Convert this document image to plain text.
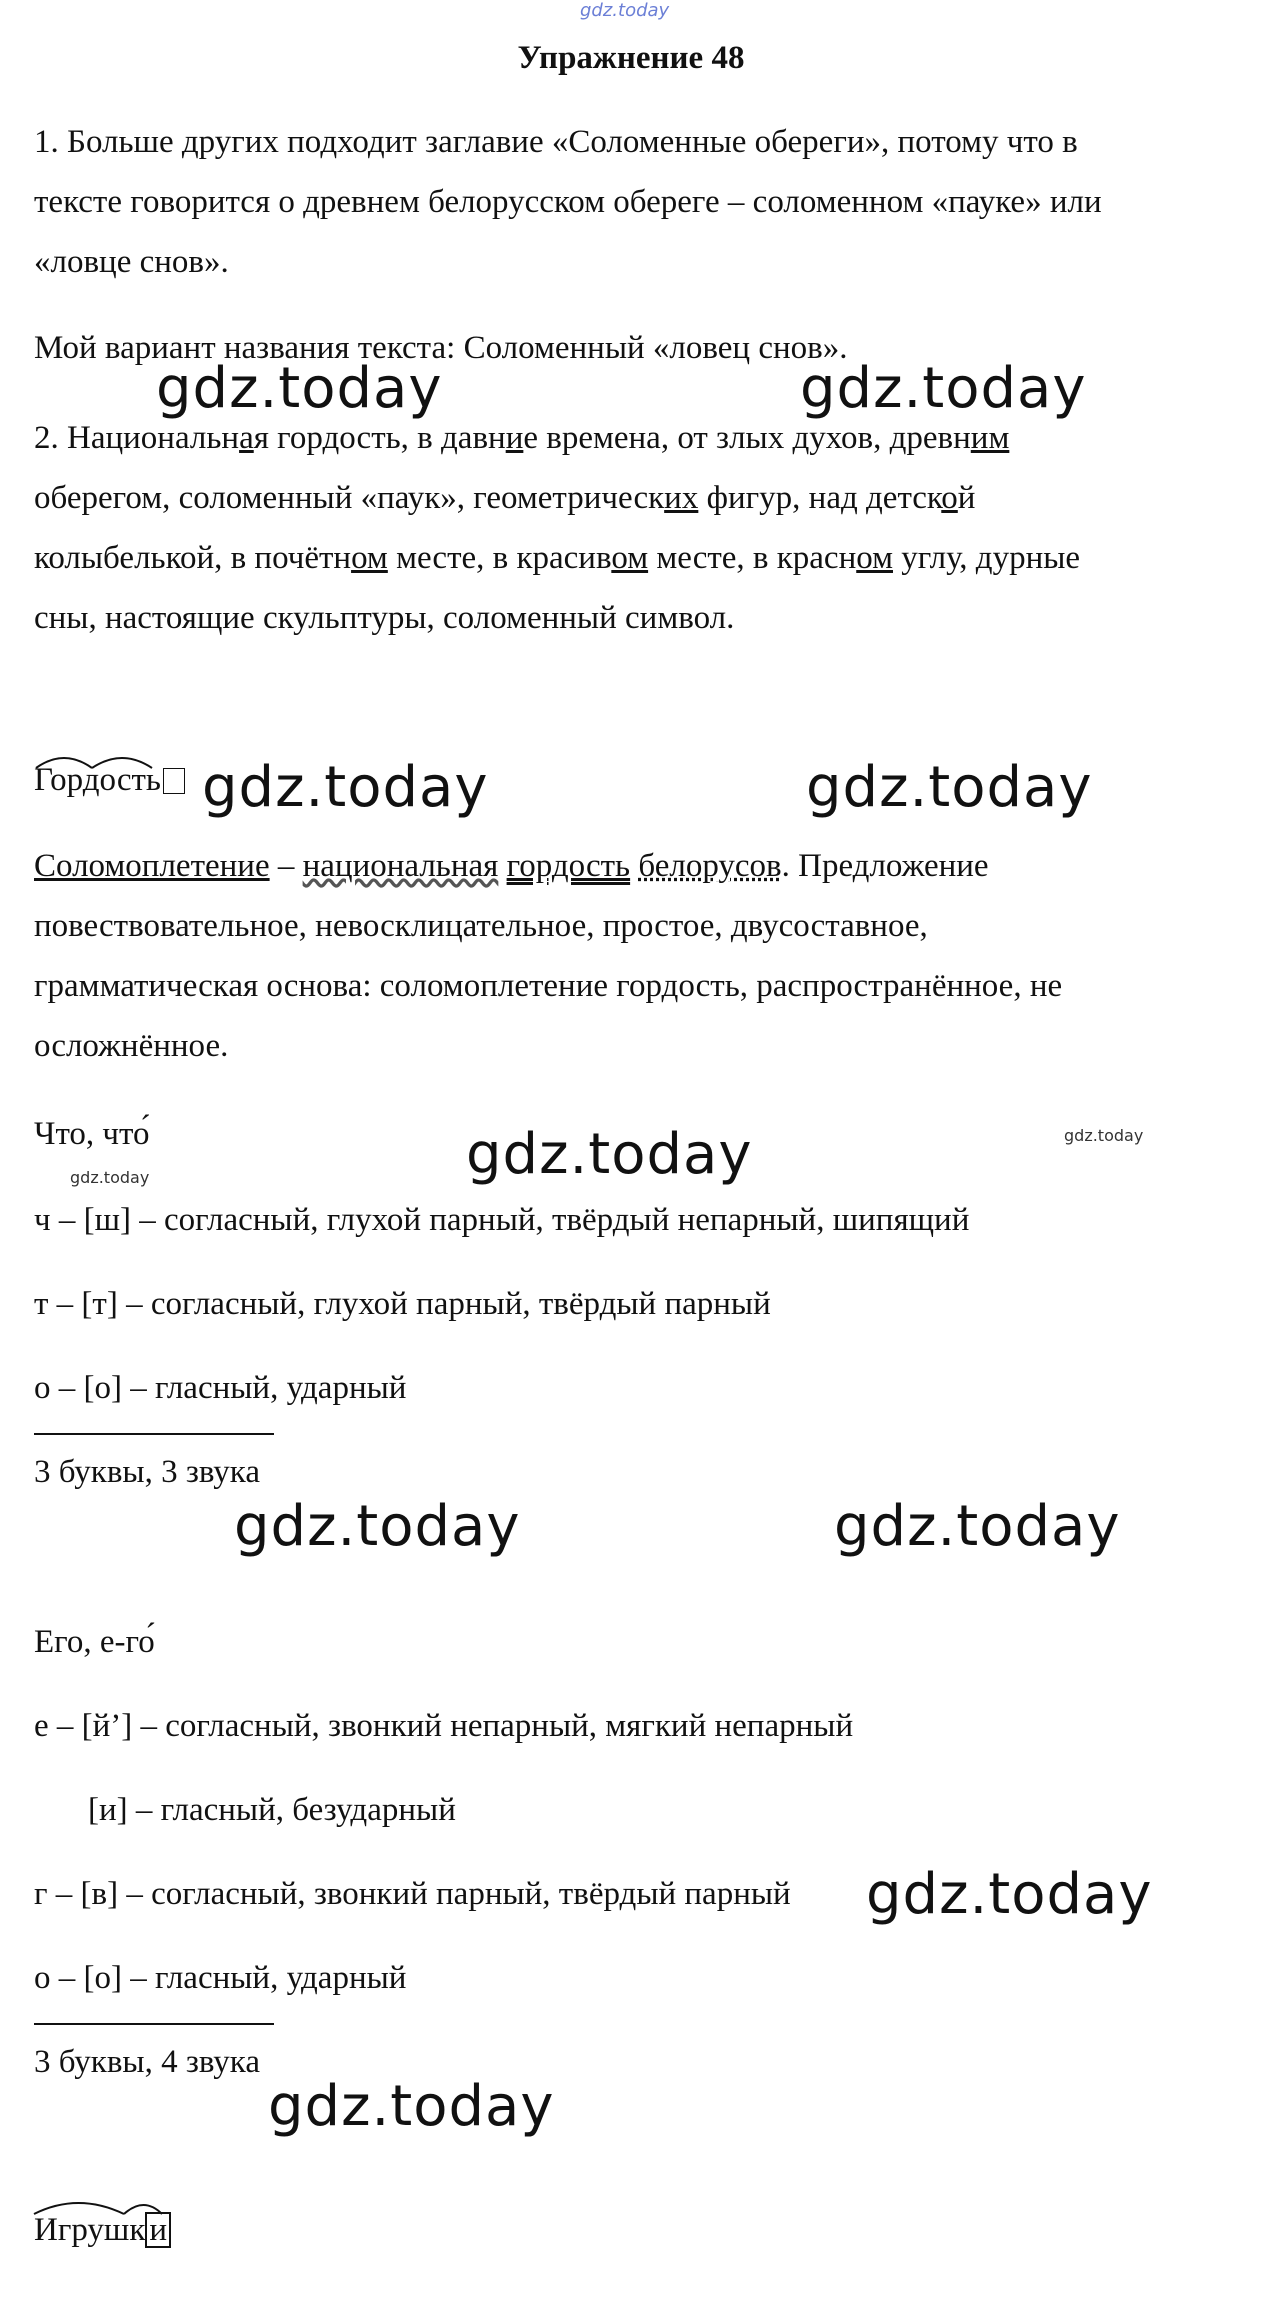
gdz.today
Упражнение 48
1. Больше других подходит заглавие «Соломенные обереги», потому что в
тексте говорится о древнем белорусском обереге – соломенном «пауке» или
«ловце снов».
Мой вариант названия текста: Соломенный «ловец снов».
gdz.today	gdz.today
2. Национальная гордость, в давние времена, от злых духов, древним
оберегом, соломенный «паук», геометрических фигур, над детской
колыбелькой, в почётном месте, в красивом месте, в красном углу, дурные
сны, настоящие скульптуры, соломенный символ.
Гордость gdz.today	gdz.today
Соломоплетение – национальная гордость белорусов. Предложение
повествовательное, невосклицательное, простое, двусоставное,
грамматическая основа: соломоплетение гордость, распространённое, не
осложнённое.
Что, что́
gdz.today
gdz.today
gdz.today
ч – [ш] – согласный, глухой парный, твёрдый непарный, шипящий
т – [т] – согласный, глухой парный, твёрдый парный
о – [о] – гласный, ударный
3 буквы, 3 звука
gdz.today	gdz.today
Его, е-го́
е – [й’] – согласный, звонкий непарный, мягкий непарный
[и] – гласный, безударный
г – [в] – согласный, звонкий парный, твёрдый парный gdz.today
о – [о] – гласный, ударный
3 буквы, 4 звука
gdz.today
Игрушк и
